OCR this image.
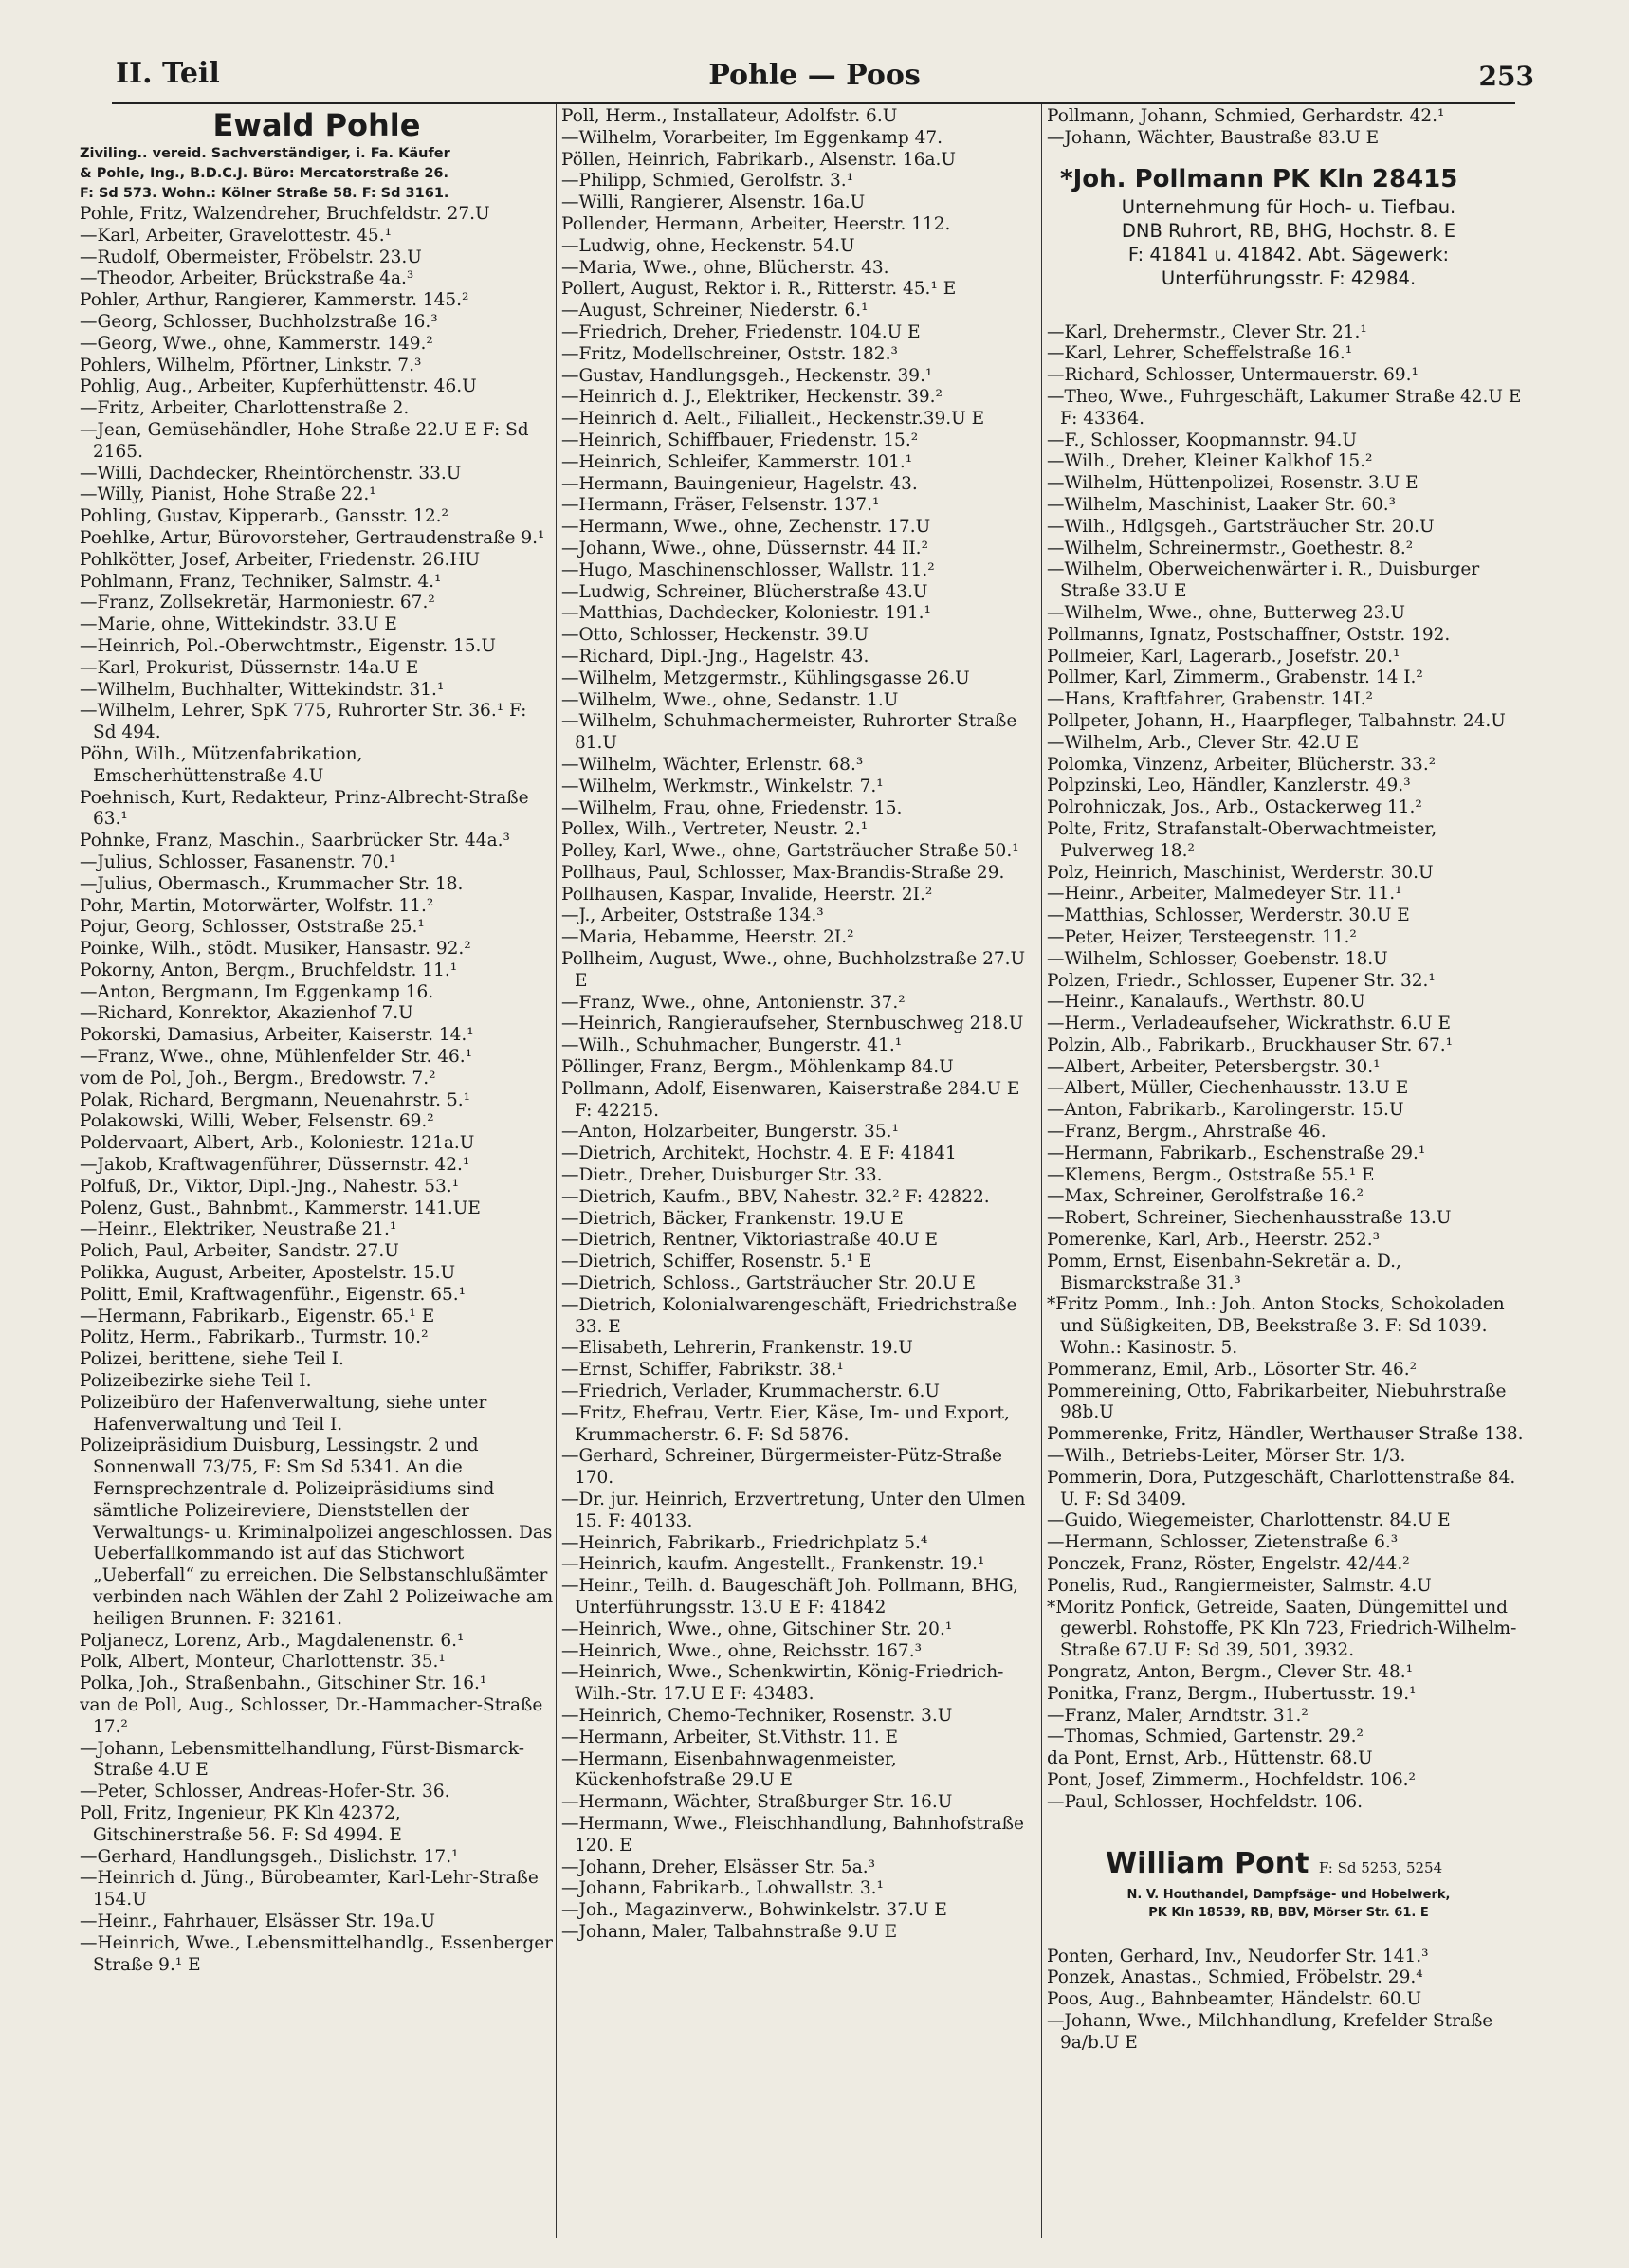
II. Teil	Pohle — Poos	253
Ewald Pohle

Ziviling.. vereid. Sachverständiger, i. Fa. Käufer

& Pohle, Ing., B.D.C.J. Büro: Mercatorstraße 26.

F: Sd 573. Wohn.: Kölner Straße 58. F: Sd 3161.

Pohle, Fritz, Walzendreher, Bruchfeldstr. 27.U

—Karl, Arbeiter, Gravelottestr. 45.¹

—Rudolf, Obermeister, Fröbelstr. 23.U

—Theodor, Arbeiter, Brückstraße 4a.³

Pohler, Arthur, Rangierer, Kammerstr. 145.²

—Georg, Schlosser, Buchholzstraße 16.³

—Georg, Wwe., ohne, Kammerstr. 149.²

Pohlers, Wilhelm, Pförtner, Linkstr. 7.³

Pohlig, Aug., Arbeiter, Kupferhüttenstr. 46.U

—Fritz, Arbeiter, Charlottenstraße 2.

—Jean, Gemüsehändler, Hohe Straße 22.U E F: Sd 2165.

—Willi, Dachdecker, Rheintörchenstr. 33.U

—Willy, Pianist, Hohe Straße 22.¹

Pohling, Gustav, Kipperarb., Gansstr. 12.²

Poehlke, Artur, Bürovorsteher, Gertraudenstraße 9.¹

Pohlkötter, Josef, Arbeiter, Friedenstr. 26.HU

Pohlmann, Franz, Techniker, Salmstr. 4.¹

—Franz, Zollsekretär, Harmoniestr. 67.²

—Marie, ohne, Wittekindstr. 33.U E

—Heinrich, Pol.-Oberwchtmstr., Eigenstr. 15.U

—Karl, Prokurist, Düssernstr. 14a.U E

—Wilhelm, Buchhalter, Wittekindstr. 31.¹

—Wilhelm, Lehrer, SpK 775, Ruhrorter Str. 36.¹ F: Sd 494.

Pöhn, Wilh., Mützenfabrikation, Emscherhüttenstraße 4.U

Poehnisch, Kurt, Redakteur, Prinz-Albrecht-Straße 63.¹

Pohnke, Franz, Maschin., Saarbrücker Str. 44a.³

—Julius, Schlosser, Fasanenstr. 70.¹

—Julius, Obermasch., Krummacher Str. 18.

Pohr, Martin, Motorwärter, Wolfstr. 11.²

Pojur, Georg, Schlosser, Oststraße 25.¹

Poinke, Wilh., stödt. Musiker, Hansastr. 92.²

Pokorny, Anton, Bergm., Bruchfeldstr. 11.¹

—Anton, Bergmann, Im Eggenkamp 16.

—Richard, Konrektor, Akazienhof 7.U

Pokorski, Damasius, Arbeiter, Kaiserstr. 14.¹

—Franz, Wwe., ohne, Mühlenfelder Str. 46.¹

vom de Pol, Joh., Bergm., Bredowstr. 7.²

Polak, Richard, Bergmann, Neuenahrstr. 5.¹

Polakowski, Willi, Weber, Felsenstr. 69.²

Poldervaart, Albert, Arb., Koloniestr. 121a.U

—Jakob, Kraftwagenführer, Düssernstr. 42.¹

Polfuß, Dr., Viktor, Dipl.-Jng., Nahestr. 53.¹

Polenz, Gust., Bahnbmt., Kammerstr. 141.UE

—Heinr., Elektriker, Neustraße 21.¹

Polich, Paul, Arbeiter, Sandstr. 27.U

Polikka, August, Arbeiter, Apostelstr. 15.U

Politt, Emil, Kraftwagenführ., Eigenstr. 65.¹

—Hermann, Fabrikarb., Eigenstr. 65.¹ E

Politz, Herm., Fabrikarb., Turmstr. 10.²

Polizei, berittene, siehe Teil I.

Polizeibezirke siehe Teil I.

Polizeibüro der Hafenverwaltung, siehe unter Hafenverwaltung und Teil I.

Polizeipräsidium Duisburg, Lessingstr. 2 und Sonnenwall 73/75, F: Sm Sd 5341. An die Fernsprechzentrale d. Polizeipräsidiums sind sämtliche Polizeireviere, Dienststellen der Verwaltungs- u. Kriminalpolizei angeschlossen. Das Ueberfallkommando ist auf das Stichwort „Ueberfall“ zu erreichen. Die Selbstanschlußämter verbinden nach Wählen der Zahl 2 Polizeiwache am heiligen Brunnen. F: 32161.

Poljanecz, Lorenz, Arb., Magdalenenstr. 6.¹

Polk, Albert, Monteur, Charlottenstr. 35.¹

Polka, Joh., Straßenbahn., Gitschiner Str. 16.¹

van de Poll, Aug., Schlosser, Dr.-Hammacher-Straße 17.²

—Johann, Lebensmittelhandlung, Fürst-Bismarck-Straße 4.U E

—Peter, Schlosser, Andreas-Hofer-Str. 36.

Poll, Fritz, Ingenieur, PK Kln 42372, Gitschinerstraße 56. F: Sd 4994. E

—Gerhard, Handlungsgeh., Dislichstr. 17.¹

—Heinrich d. Jüng., Bürobeamter, Karl-Lehr-Straße 154.U

—Heinr., Fahrhauer, Elsässer Str. 19a.U

—Heinrich, Wwe., Lebensmittelhandlg., Essenberger Straße 9.¹ E

Poll, Herm., Installateur, Adolfstr. 6.U

—Wilhelm, Vorarbeiter, Im Eggenkamp 47.

Pöllen, Heinrich, Fabrikarb., Alsenstr. 16a.U

—Philipp, Schmied, Gerolfstr. 3.¹

—Willi, Rangierer, Alsenstr. 16a.U

Pollender, Hermann, Arbeiter, Heerstr. 112.

—Ludwig, ohne, Heckenstr. 54.U

—Maria, Wwe., ohne, Blücherstr. 43.

Pollert, August, Rektor i. R., Ritterstr. 45.¹ E

—August, Schreiner, Niederstr. 6.¹

—Friedrich, Dreher, Friedenstr. 104.U E

—Fritz, Modellschreiner, Oststr. 182.³

—Gustav, Handlungsgeh., Heckenstr. 39.¹

—Heinrich d. J., Elektriker, Heckenstr. 39.²

—Heinrich d. Aelt., Filialleit., Heckenstr.39.U E

—Heinrich, Schiffbauer, Friedenstr. 15.²

—Heinrich, Schleifer, Kammerstr. 101.¹

—Hermann, Bauingenieur, Hagelstr. 43.

—Hermann, Fräser, Felsenstr. 137.¹

—Hermann, Wwe., ohne, Zechenstr. 17.U

—Johann, Wwe., ohne, Düssernstr. 44 II.²

—Hugo, Maschinenschlosser, Wallstr. 11.²

—Ludwig, Schreiner, Blücherstraße 43.U

—Matthias, Dachdecker, Koloniestr. 191.¹

—Otto, Schlosser, Heckenstr. 39.U

—Richard, Dipl.-Jng., Hagelstr. 43.

—Wilhelm, Metzgermstr., Kühlingsgasse 26.U

—Wilhelm, Wwe., ohne, Sedanstr. 1.U

—Wilhelm, Schuhmachermeister, Ruhrorter Straße 81.U

—Wilhelm, Wächter, Erlenstr. 68.³

—Wilhelm, Werkmstr., Winkelstr. 7.¹

—Wilhelm, Frau, ohne, Friedenstr. 15.

Pollex, Wilh., Vertreter, Neustr. 2.¹

Polley, Karl, Wwe., ohne, Gartsträucher Straße 50.¹

Pollhaus, Paul, Schlosser, Max-Brandis-Straße 29.

Pollhausen, Kaspar, Invalide, Heerstr. 2I.²

—J., Arbeiter, Oststraße 134.³

—Maria, Hebamme, Heerstr. 2I.²

Pollheim, August, Wwe., ohne, Buchholzstraße 27.U E

—Franz, Wwe., ohne, Antonienstr. 37.²

—Heinrich, Rangieraufseher, Sternbuschweg 218.U

—Wilh., Schuhmacher, Bungerstr. 41.¹

Pöllinger, Franz, Bergm., Möhlenkamp 84.U

Pollmann, Adolf, Eisenwaren, Kaiserstraße 284.U E F: 42215.

—Anton, Holzarbeiter, Bungerstr. 35.¹

—Dietrich, Architekt, Hochstr. 4. E F: 41841

—Dietr., Dreher, Duisburger Str. 33.

—Dietrich, Kaufm., BBV, Nahestr. 32.² F: 42822.

—Dietrich, Bäcker, Frankenstr. 19.U E

—Dietrich, Rentner, Viktoriastraße 40.U E

—Dietrich, Schiffer, Rosenstr. 5.¹ E

—Dietrich, Schloss., Gartsträucher Str. 20.U E

—Dietrich, Kolonialwarengeschäft, Friedrichstraße 33. E

—Elisabeth, Lehrerin, Frankenstr. 19.U

—Ernst, Schiffer, Fabrikstr. 38.¹

—Friedrich, Verlader, Krummacherstr. 6.U

—Fritz, Ehefrau, Vertr. Eier, Käse, Im- und Export, Krummacherstr. 6. F: Sd 5876.

—Gerhard, Schreiner, Bürgermeister-Pütz-Straße 170.

—Dr. jur. Heinrich, Erzvertretung, Unter den Ulmen 15. F: 40133.

—Heinrich, Fabrikarb., Friedrichplatz 5.⁴

—Heinrich, kaufm. Angestellt., Frankenstr. 19.¹

—Heinr., Teilh. d. Baugeschäft Joh. Pollmann, BHG, Unterführungsstr. 13.U E F: 41842

—Heinrich, Wwe., ohne, Gitschiner Str. 20.¹

—Heinrich, Wwe., ohne, Reichsstr. 167.³

—Heinrich, Wwe., Schenkwirtin, König-Friedrich-Wilh.-Str. 17.U E F: 43483.

—Heinrich, Chemo-Techniker, Rosenstr. 3.U

—Hermann, Arbeiter, St.Vithstr. 11. E

—Hermann, Eisenbahnwagenmeister, Kückenhofstraße 29.U E

—Hermann, Wächter, Straßburger Str. 16.U

—Hermann, Wwe., Fleischhandlung, Bahnhofstraße 120. E

—Johann, Dreher, Elsässer Str. 5a.³

—Johann, Fabrikarb., Lohwallstr. 3.¹

—Joh., Magazinverw., Bohwinkelstr. 37.U E

—Johann, Maler, Talbahnstraße 9.U E

Pollmann, Johann, Schmied, Gerhardstr. 42.¹

—Johann, Wächter, Baustraße 83.U E

*Joh. Pollmann PK Kln 28415

Unternehmung für Hoch- u. Tiefbau.

DNB Ruhrort, RB, BHG, Hochstr. 8. E

F: 41841 u. 41842. Abt. Sägewerk:

Unterführungsstr. F: 42984.

—Karl, Drehermstr., Clever Str. 21.¹

—Karl, Lehrer, Scheffelstraße 16.¹

—Richard, Schlosser, Untermauerstr. 69.¹

—Theo, Wwe., Fuhrgeschäft, Lakumer Straße 42.U E F: 43364.

—F., Schlosser, Koopmannstr. 94.U

—Wilh., Dreher, Kleiner Kalkhof 15.²

—Wilhelm, Hüttenpolizei, Rosenstr. 3.U E

—Wilhelm, Maschinist, Laaker Str. 60.³

—Wilh., Hdlgsgeh., Gartsträucher Str. 20.U

—Wilhelm, Schreinermstr., Goethestr. 8.²

—Wilhelm, Oberweichenwärter i. R., Duisburger Straße 33.U E

—Wilhelm, Wwe., ohne, Butterweg 23.U

Pollmanns, Ignatz, Postschaffner, Oststr. 192.

Pollmeier, Karl, Lagerarb., Josefstr. 20.¹

Pollmer, Karl, Zimmerm., Grabenstr. 14 I.²

—Hans, Kraftfahrer, Grabenstr. 14I.²

Pollpeter, Johann, H., Haarpfleger, Talbahnstr. 24.U

—Wilhelm, Arb., Clever Str. 42.U E

Polomka, Vinzenz, Arbeiter, Blücherstr. 33.²

Polpzinski, Leo, Händler, Kanzlerstr. 49.³

Polrohniczak, Jos., Arb., Ostackerweg 11.²

Polte, Fritz, Strafanstalt-Oberwachtmeister, Pulverweg 18.²

Polz, Heinrich, Maschinist, Werderstr. 30.U

—Heinr., Arbeiter, Malmedeyer Str. 11.¹

—Matthias, Schlosser, Werderstr. 30.U E

—Peter, Heizer, Tersteegenstr. 11.²

—Wilhelm, Schlosser, Goebenstr. 18.U

Polzen, Friedr., Schlosser, Eupener Str. 32.¹

—Heinr., Kanalaufs., Werthstr. 80.U

—Herm., Verladeaufseher, Wickrathstr. 6.U E

Polzin, Alb., Fabrikarb., Bruckhauser Str. 67.¹

—Albert, Arbeiter, Petersbergstr. 30.¹

—Albert, Müller, Ciechenhausstr. 13.U E

—Anton, Fabrikarb., Karolingerstr. 15.U

—Franz, Bergm., Ahrstraße 46.

—Hermann, Fabrikarb., Eschenstraße 29.¹

—Klemens, Bergm., Oststraße 55.¹ E

—Max, Schreiner, Gerolfstraße 16.²

—Robert, Schreiner, Siechenhausstraße 13.U

Pomerenke, Karl, Arb., Heerstr. 252.³

Pomm, Ernst, Eisenbahn-Sekretär a. D., Bismarckstraße 31.³

*Fritz Pomm., Inh.: Joh. Anton Stocks, Schokoladen und Süßigkeiten, DB, Beekstraße 3. F: Sd 1039. Wohn.: Kasinostr. 5.

Pommeranz, Emil, Arb., Lösorter Str. 46.²

Pommereining, Otto, Fabrikarbeiter, Niebuhrstraße 98b.U

Pommerenke, Fritz, Händler, Werthauser Straße 138.

—Wilh., Betriebs-Leiter, Mörser Str. 1/3.

Pommerin, Dora, Putzgeschäft, Charlottenstraße 84. U. F: Sd 3409.

—Guido, Wiegemeister, Charlottenstr. 84.U E

—Hermann, Schlosser, Zietenstraße 6.³

Ponczek, Franz, Röster, Engelstr. 42/44.²

Ponelis, Rud., Rangiermeister, Salmstr. 4.U

*Moritz Ponfick, Getreide, Saaten, Düngemittel und gewerbl. Rohstoffe, PK Kln 723, Friedrich-Wilhelm-Straße 67.U F: Sd 39, 501, 3932.

Pongratz, Anton, Bergm., Clever Str. 48.¹

Ponitka, Franz, Bergm., Hubertusstr. 19.¹

—Franz, Maler, Arndtstr. 31.²

—Thomas, Schmied, Gartenstr. 29.²

da Pont, Ernst, Arb., Hüttenstr. 68.U

Pont, Josef, Zimmerm., Hochfeldstr. 106.²

—Paul, Schlosser, Hochfeldstr. 106.

William Pont F: Sd 5253, 5254

N. V. Houthandel, Dampfsäge- und Hobelwerk,

PK Kln 18539, RB, BBV, Mörser Str. 61. E

Ponten, Gerhard, Inv., Neudorfer Str. 141.³

Ponzek, Anastas., Schmied, Fröbelstr. 29.⁴

Poos, Aug., Bahnbeamter, Händelstr. 60.U

—Johann, Wwe., Milchhandlung, Krefelder Straße 9a/b.U E
